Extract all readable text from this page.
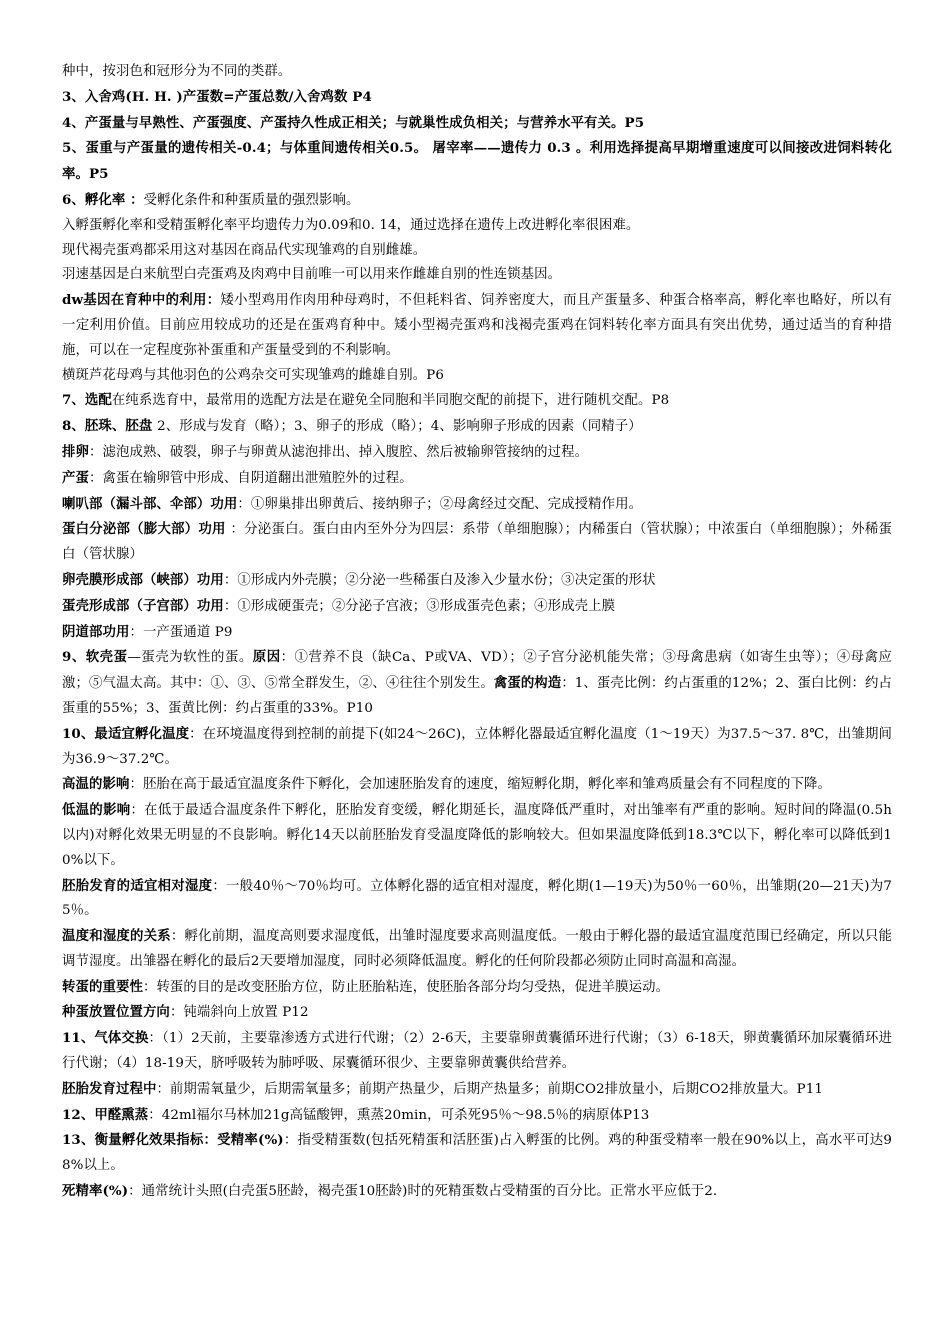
种中，按羽色和冠形分为不同的类群。

3、入舍鸡(H. H. )产蛋数=产蛋总数/入舍鸡数 P4

4、产蛋量与早熟性、产蛋强度、产蛋持久性成正相关；与就巢性成负相关；与营养水平有关。P5

5、蛋重与产蛋量的遗传相关-0.4；与体重间遗传相关0.5。 屠宰率——遗传力 0.3 。利用选择提高早期增重速度可以间接改进饲料转化率。P5

6、孵化率 ：受孵化条件和种蛋质量的强烈影响。

入孵蛋孵化率和受精蛋孵化率平均遗传力为0.09和0. 14，通过选择在遗传上改进孵化率很困难。

现代褐壳蛋鸡都采用这对基因在商品代实现雏鸡的自别雌雄。

羽速基因是白来航型白壳蛋鸡及肉鸡中目前唯一可以用来作雌雄自别的性连锁基因。

dw基因在育种中的利用：矮小型鸡用作肉用种母鸡时，不但耗料省、饲养密度大，而且产蛋量多、种蛋合格率高，孵化率也略好，所以有一定利用价值。目前应用较成功的还是在蛋鸡育种中。矮小型褐壳蛋鸡和浅褐壳蛋鸡在饲料转化率方面具有突出优势，通过适当的育种措施，可以在一定程度弥补蛋重和产蛋量受到的不利影响。

横斑芦花母鸡与其他羽色的公鸡杂交可实现雏鸡的雌雄自别。P6

7、选配在纯系选育中，最常用的选配方法是在避免全同胞和半同胞交配的前提下，进行随机交配。P8

8、胚珠、胚盘 2、形成与发育（略）；3、卵子的形成（略）；4、影响卵子形成的因素（同精子）

排卵：滤泡成熟、破裂，卵子与卵黄从滤泡排出、掉入腹腔、然后被输卵管接纳的过程。

产蛋：禽蛋在输卵管中形成、自阴道翻出泄殖腔外的过程。

喇叭部（漏斗部、伞部）功用：①卵巢排出卵黄后、接纳卵子；②母禽经过交配、完成授精作用。

蛋白分泌部（膨大部）功用 ：分泌蛋白。蛋白由内至外分为四层：系带（单细胞腺）；内稀蛋白（管状腺）；中浓蛋白（单细胞腺）；外稀蛋白（管状腺）

卵壳膜形成部（峡部）功用：①形成内外壳膜；②分泌一些稀蛋白及渗入少量水份；③决定蛋的形状

蛋壳形成部（子宫部）功用：①形成硬蛋壳；②分泌子宫液；③形成蛋壳色素；④形成壳上膜

阴道部功用：一产蛋通道 P9

9、软壳蛋—蛋壳为软性的蛋。原因：①营养不良（缺Ca、P或VA、VD）；②子宫分泌机能失常；③母禽患病（如寄生虫等）；④母禽应激；⑤气温太高。其中：①、③、⑤常全群发生，②、④往往个别发生。禽蛋的构造：1、蛋壳比例：约占蛋重的12%；2、蛋白比例：约占蛋重的55%；3、蛋黄比例：约占蛋重的33%。P10

10、最适宜孵化温度：在环境温度得到控制的前提下(如24～26C)，立体孵化器最适宜孵化温度（1～19天）为37.5～37. 8℃，出雏期间为36.9～37.2℃。

高温的影响：胚胎在高于最适宜温度条件下孵化，会加速胚胎发育的速度，缩短孵化期，孵化率和雏鸡质量会有不同程度的下降。

低温的影响：在低于最适合温度条件下孵化，胚胎发育变缓，孵化期延长，温度降低严重时，对出雏率有严重的影响。短时间的降温(0.5h以内)对孵化效果无明显的不良影响。孵化14天以前胚胎发育受温度降低的影响较大。但如果温度降低到18.3℃以下，孵化率可以降低到10%以下。

胚胎发育的适宜相对湿度：一般40％～70％均可。立体孵化器的适宜相对湿度，孵化期(1—19天)为50％一60％，出雏期(20—21天)为75％。

温度和湿度的关系：孵化前期，温度高则要求湿度低，出雏时湿度要求高则温度低。一般由于孵化器的最适宜温度范围已经确定，所以只能调节湿度。出雏器在孵化的最后2天要增加湿度，同时必须降低温度。孵化的任何阶段都必须防止同时高温和高湿。

转蛋的重要性：转蛋的目的是改变胚胎方位，防止胚胎粘连，使胚胎各部分均匀受热，促进羊膜运动。

种蛋放置位置方向：钝端斜向上放置 P12

11、气体交换：（1）2天前，主要靠渗透方式进行代谢；（2）2-6天，主要靠卵黄囊循环进行代谢；（3）6-18天，卵黄囊循环加尿囊循环进行代谢；（4）18-19天，脐呼吸转为肺呼吸、尿囊循环很少、主要靠卵黄囊供给营养。

胚胎发育过程中：前期需氧量少，后期需氧量多；前期产热量少，后期产热量多；前期CO2排放量小，后期CO2排放量大。P11

12、甲醛熏蒸：42ml福尔马林加21g高锰酸钾，熏蒸20min，可杀死95％～98.5％的病原体P13

13、衡量孵化效果指标：受精率(%)：指受精蛋数(包括死精蛋和活胚蛋)占入孵蛋的比例。鸡的种蛋受精率一般在90%以上，高水平可达98%以上。

死精率(%)：通常统计头照(白壳蛋5胚龄，褐壳蛋10胚龄)时的死精蛋数占受精蛋的百分比。正常水平应低于2.
